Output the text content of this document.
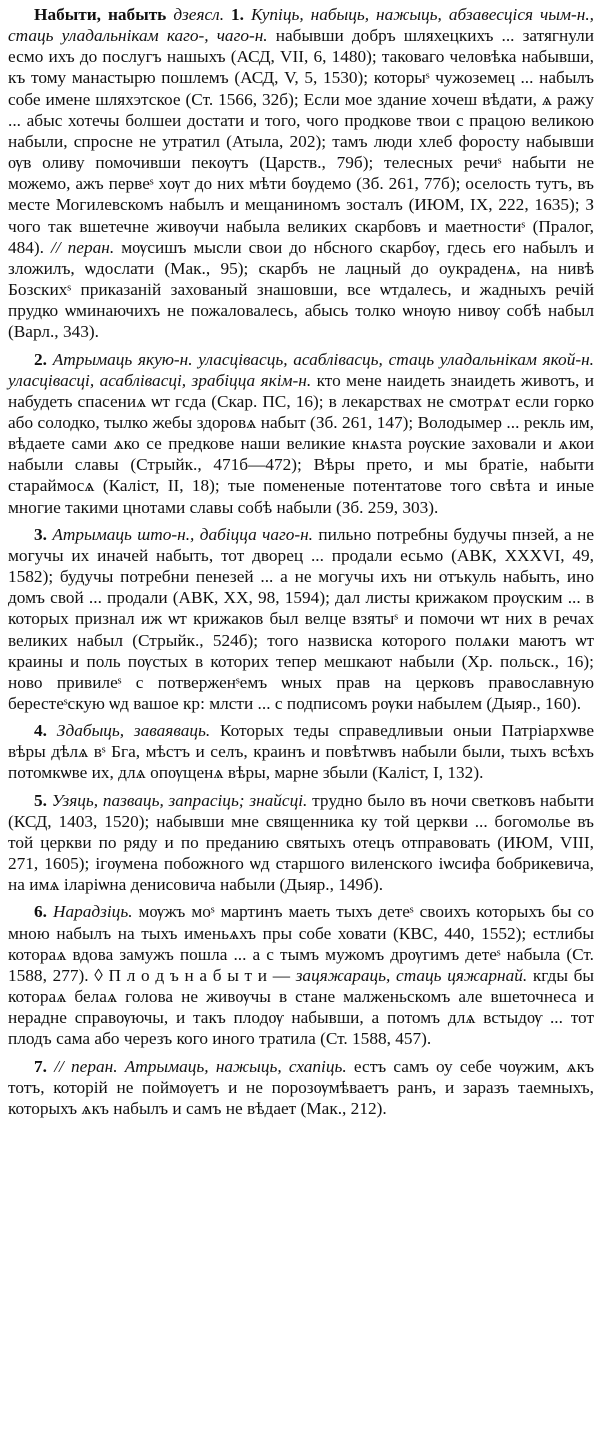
Набыти, набыть дзеясл. 1. Купіць, набыць, нажыць, абзавесціся чым-н., стаць уладальнікам каго-, чаго-н. набывши добръ шляхецкихъ ... затягнули есмо ихъ до послугъ нашыхъ (АСД, VII, 6, 1480); таковаго человѣка набывши, къ тому манастырю пошлемъ (АСД, V, 5, 1530); которыˢ чужоземец ... набылъ собе имене шляхэтское (Ст. 1566, 32б); Если мое здание хочеш вѣдати, ѧ ражу ... абыс хотечы болшеи достати и того, чого продкове твои с працою великою набыли, спросне не утратил (Атыла, 202); тамъ люди хлеб форосту набывши ѹв оливу помочивши пекѹтъ (Царств., 79б); телесных речиˢ набыти не можемо, ажъ первеˢ хѹт до них мѣти бѹдемо (Зб. 261, 77б); оселость тутъ, въ месте Могилевскомъ набылъ и мещаниномъ зосталъ (ИЮМ, IX, 222, 1635); З чого так вшетечне живѹчи набыла великих скарбовъ и маетностиˢ (Пралог, 484). // перан. мѹсишъ мысли свои до нбсного скарбѹ, гдесь его набылъ и зложилъ, ѡдослати (Мак., 95); скарбъ не лацный до оукраденѧ, на нивѣ Бозскихˢ приказаній захованый знашовши, все ѡтдалесь, и жадныхъ речій прудко ѡминаючихъ не пожаловалесь, абысь толко ѡнѹю нивѹ собѣ набыл (Варл., 343).

2. Атрымаць якую-н. уласцівасць, асаблівасць, стаць уладальнікам якой-н. уласцівасці, асаблівасці, зрабіцца якім-н. кто мене наидеть знаидеть животъ, и набудеть спасениѧ ѡт гсда (Скар. ПС, 16); в лекарствах не смотрѧт если горко або солодко, тылко жебы здоровѧ набыт (Зб. 261, 147); Володымер ... рекль им, вѣдаете сами ѧко се предкове наши великие кнѧѕта рѹские заховали и ѧкои набыли славы (Стрыйк., 471б—472); Вѣры прето, и мы братіе, набыти стараймосѧ (Каліст, II, 18); тые помененые потентатове того свѣта и иные многие такими цнотами славы собѣ набыли (Зб. 259, 303).

3. Атрымаць што-н., дабіцца чаго-н. пильно потребны будучы пнзей, а не могучы их иначей набыть, тот дворец ... продали есьмо (АВК, XXXVI, 49, 1582); будучы потребни пенезей ... а не могучы ихъ ни отъкуль набыть, ино домъ свой ... продали (АВК, XX, 98, 1594); дал листы крижаком прѹским ... в которых признал иж ѡт крижаков был велце взятыˢ и помочи ѡт них в речах великих набыл (Стрыйк., 524б); того назвиска которого полѧки маютъ ѡт краины и поль пѹстых в которих тепер мешкают набыли (Хр. польск., 16); ново привилеˢ с потверженˢемъ ѡных прав на церковъ православную берестеˢскую ѡд вашое кр: млсти ... с подписомъ рѹки набылем (Дыяр., 160).

4. Здабыць, заваяваць. Которых теды справедливыи оныи Патріархѡве вѣры дѣлѧ вˢ Бга, мѣстъ и селъ, краинъ и повѣтѡвъ набыли были, тыхъ всѣхъ потомкѡве их, длѧ опѹщенѧ вѣры, марне збыли (Каліст, I, 132).

5. Узяць, пазваць, запрасіць; знайсці. трудно было въ ночи светковъ набыти (КСД, 1403, 1520); набывши мне священника ку той церкви ... богомолье въ той церкви по ряду и по преданию святыхъ отецъ отправовать (ИЮМ, VIII, 271, 1605); ігѹмена побожного ѡд старшого виленского іѡсифа бобрикевича, на имѧ іларіѡна денисовича набыли (Дыяр., 149б).

6. Нарадзіць. мѹжъ моˢ мартинъ маеть тыхъ детеˢ своихъ которыхъ бы со мною набылъ на тыхъ именьѧхъ пры собе ховати (КВС, 440, 1552); естлибы котораѧ вдова замужъ пошла ... а с тымъ мужомъ дрѹгимъ детеˢ набыла (Ст. 1588, 277). ◊ П л о д ъ н а б ы т и — зацяжараць, стаць цяжарнай. кгды бы котораѧ белаѧ голова не живѹчы в стане малженьскомъ але вшеточнеса и нерадне справѹючы, и такъ плодѹ набывши, а потомъ длѧ встыдѹ ... тот плодъ сама або черезъ кого иного тратила (Ст. 1588, 457).

7. // перан. Атрымаць, нажыць, схапіць. естъ самъ оу себе чѹжим, ѧкъ тотъ, которій не поймѹетъ и не порозѹмѣваетъ ранъ, и заразъ таемныхъ, которыхъ ѧкъ набылъ и самъ не вѣдает (Мак., 212).
